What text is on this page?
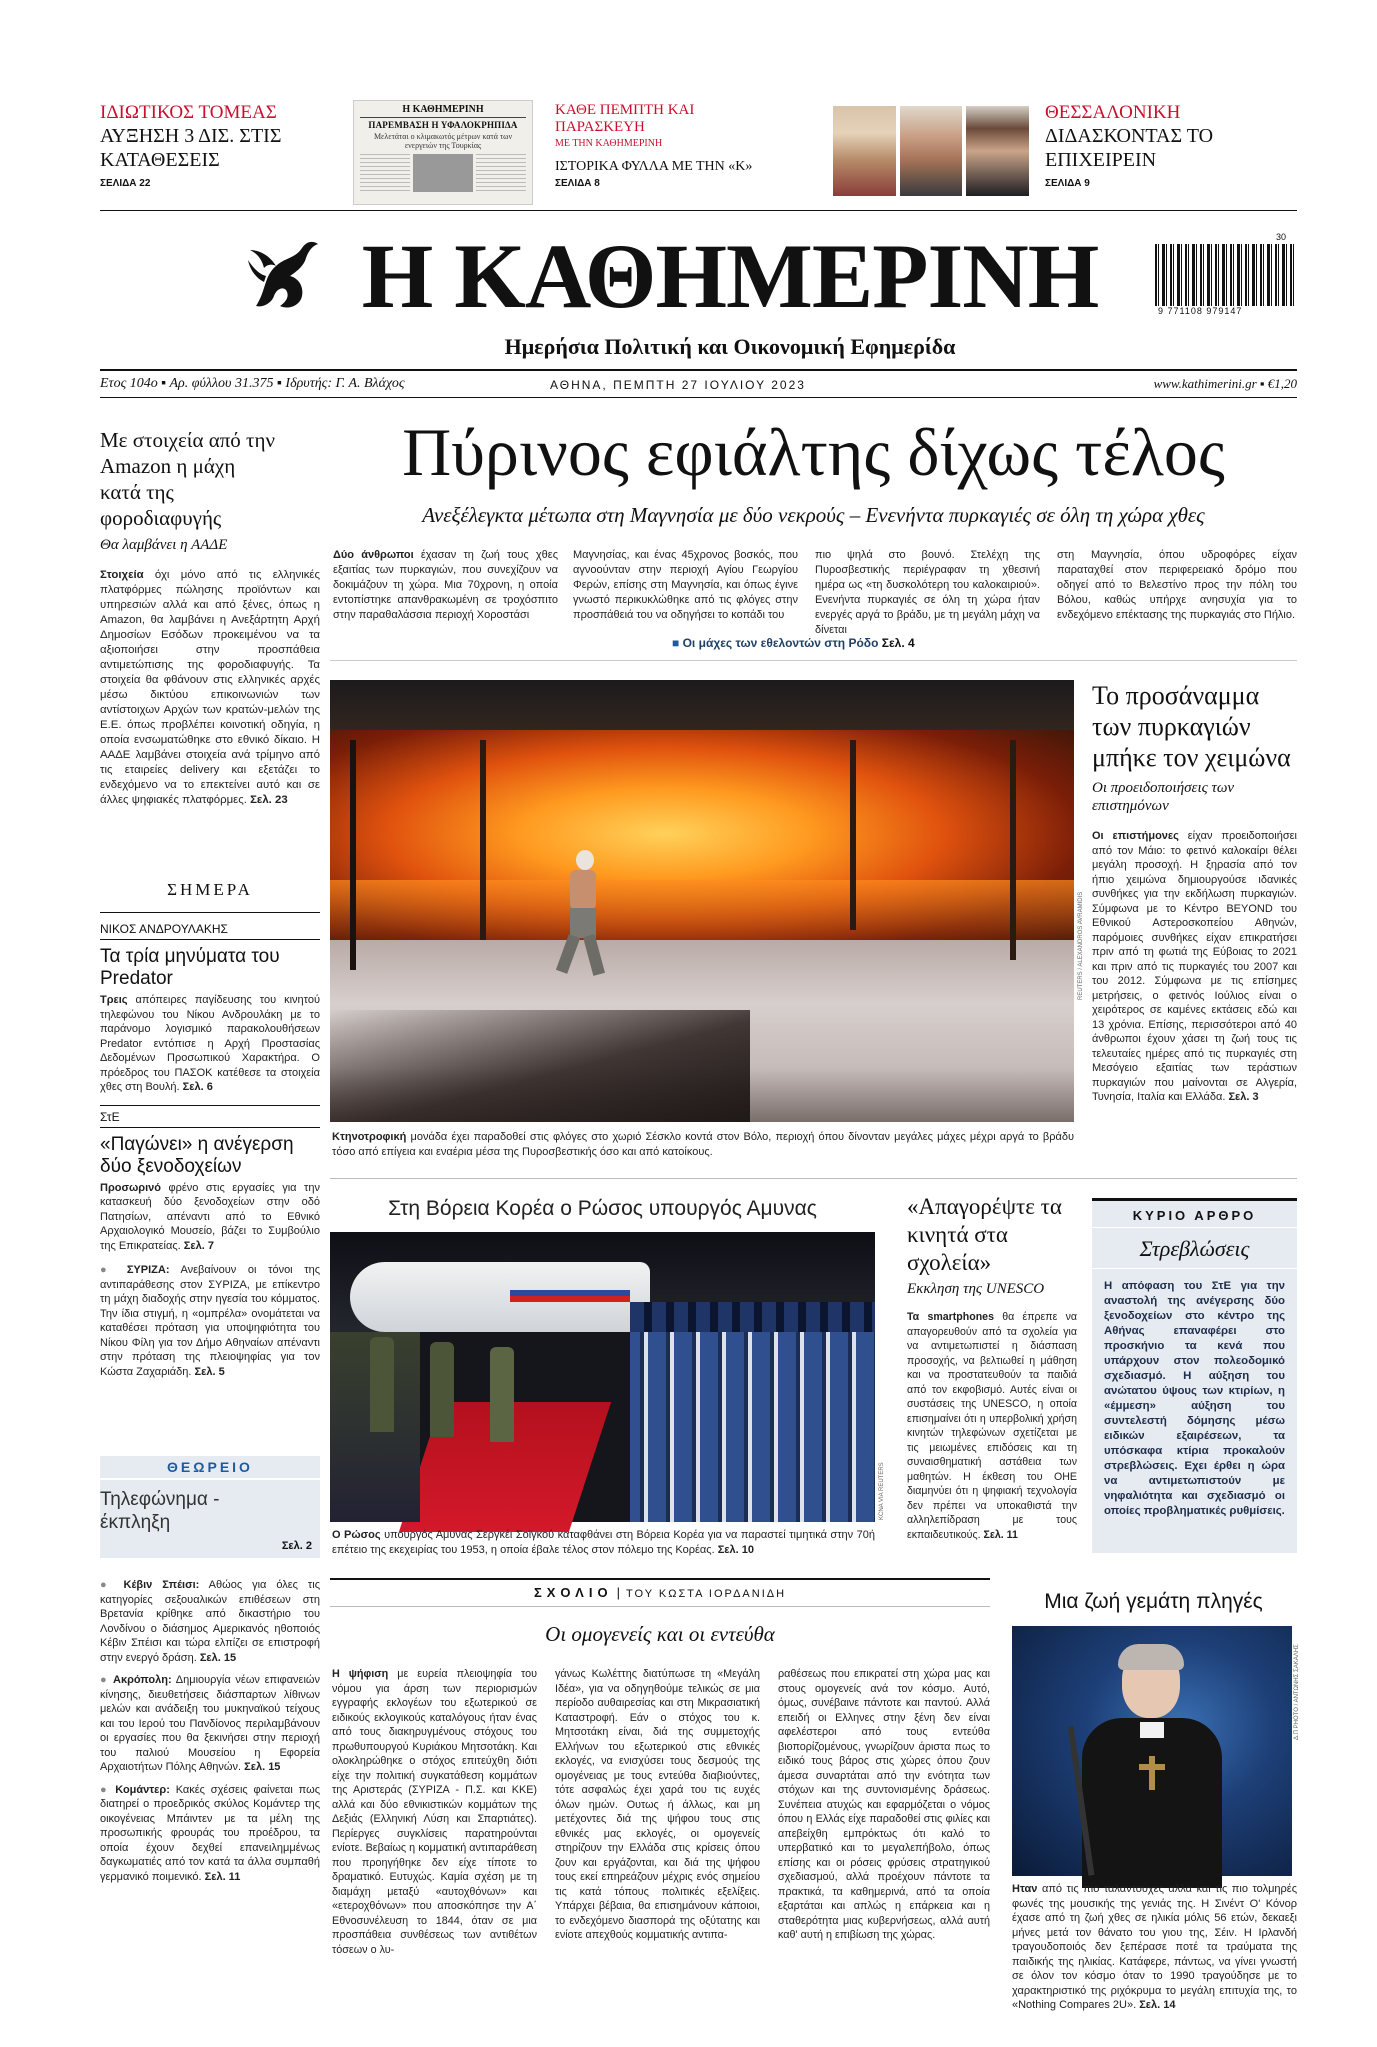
ΙΔΙΩΤΙΚΟΣ ΤΟΜΕΑΣ
ΑΥΞΗΣΗ 3 ΔΙΣ. ΣΤΙΣ ΚΑΤΑΘΕΣΕΙΣ
ΣΕΛΙΔΑ 22
Η ΚΑΘΗΜΕΡΙΝΗ
ΠΑΡΕΜΒΑΣΗ Η ΥΦΑΛΟΚΡΗΠΙΔΑ
Μελετάται ο κλιμακωτός μέτρων κατά των ενεργειών της Τουρκίας
ΚΑΘΕ ΠΕΜΠΤΗ ΚΑΙ ΠΑΡΑΣΚΕΥΗ
ΜΕ ΤΗΝ ΚΑΘΗΜΕΡΙΝΗ
ΙΣΤΟΡΙΚΑ ΦΥΛΛΑ ΜΕ ΤΗΝ «Κ»
ΣΕΛΙΔΑ 8
ΘΕΣΣΑΛΟΝΙΚΗ
ΔΙΔΑΣΚΟΝΤΑΣ ΤΟ ΕΠΙΧΕΙΡΕΙΝ
ΣΕΛΙΔΑ 9
Η ΚΑΘΗΜΕΡΙΝΗ
Ημερήσια Πολιτική και Οικονομική Εφημερίδα
30
9 771108 979147
Ετος 104ο ▪ Αρ. φύλλου 31.375 ▪ Ιδρυτής: Γ. Α. Βλάχος	ΑΘΗΝΑ, ΠΕΜΠΤΗ 27 ΙΟΥΛΙΟΥ 2023	www.kathimerini.gr ▪ €1,20
Με στοιχεία από την Amazon η μάχη κατά της φοροδιαφυγής
Θα λαμβάνει η ΑΑΔΕ
Στοιχεία όχι μόνο από τις ελληνικές πλατφόρμες πώλησης προϊόντων και υπηρεσιών αλλά και από ξένες, όπως η Amazon, θα λαμβάνει η Ανεξάρτητη Αρχή Δημοσίων Εσόδων προκειμένου να τα αξιοποιήσει στην προσπάθεια αντιμετώπισης της φοροδιαφυγής. Τα στοιχεία θα φθάνουν στις ελληνικές αρχές μέσω δικτύου επικοινωνιών των αντίστοιχων Αρχών των κρατών-μελών της Ε.Ε. όπως προβλέπει κοινοτική οδηγία, η οποία ενσωματώθηκε στο εθνικό δίκαιο. Η ΑΑΔΕ λαμβάνει στοιχεία ανά τρίμηνο από τις εταιρείες delivery και εξετάζει το ενδεχόμενο να το επεκτείνει αυτό και σε άλλες ψηφιακές πλατφόρμες. Σελ. 23
ΣΗΜΕΡΑ
ΝΙΚΟΣ ΑΝΔΡΟΥΛΑΚΗΣ
Τα τρία μηνύματα του Predator
Τρεις απόπειρες παγίδευσης του κινητού τηλεφώνου του Νίκου Ανδρουλάκη με το παράνομο λογισμικό παρακολουθήσεων Predator εντόπισε η Αρχή Προστασίας Δεδομένων Προσωπικού Χαρακτήρα. Ο πρόεδρος του ΠΑΣΟΚ κατέθεσε τα στοιχεία χθες στη Βουλή. Σελ. 6
ΣτΕ
«Παγώνει» η ανέγερση δύο ξενοδοχείων
Προσωρινό φρένο στις εργασίες για την κατασκευή δύο ξενοδοχείων στην οδό Πατησίων, απέναντι από το Εθνικό Αρχαιολογικό Μουσείο, βάζει το Συμβούλιο της Επικρατείας. Σελ. 7
● ΣΥΡΙΖΑ: Ανεβαίνουν οι τόνοι της αντιπαράθεσης στον ΣΥΡΙΖΑ, με επίκεντρο τη μάχη διαδοχής στην ηγεσία του κόμματος. Την ίδια στιγμή, η «ομπρέλα» ονομάτεται να καταθέσει πρόταση για υποψηφιότητα του Νίκου Φίλη για τον Δήμο Αθηναίων απέναντι στην πρόταση της πλειοψηφίας για τον Κώστα Ζαχαριάδη. Σελ. 5
ΘΕΩΡΕΙΟ
Τηλεφώνημα - έκπληξη
Σελ. 2
● Κέβιν Σπέισι: Αθώος για όλες τις κατηγορίες σεξουαλικών επιθέσεων στη Βρετανία κρίθηκε από δικαστήριο του Λονδίνου ο διάσημος Αμερικανός ηθοποιός Κέβιν Σπέισι και τώρα ελπίζει σε επιστροφή στην ενεργό δράση. Σελ. 15
● Ακρόπολη: Δημιουργία νέων επιφανειών κίνησης, διευθετήσεις διάσπαρτων λίθινων μελών και ανάδειξη του μυκηναϊκού τείχους και του Ιερού του Πανδίονος περιλαμβάνουν οι εργασίες που θα ξεκινήσει στην περιοχή του παλιού Μουσείου η Εφορεία Αρχαιοτήτων Πόλης Αθηνών. Σελ. 15
● Κομάντερ: Κακές σχέσεις φαίνεται πως διατηρεί ο προεδρικός σκύλος Κομάντερ της οικογένειας Μπάιντεν με τα μέλη της προσωπικής φρουράς του προέδρου, τα οποία έχουν δεχθεί επανειλημμένως δαγκωματιές από τον κατά τα άλλα συμπαθή γερμανικό ποιμενικό. Σελ. 11
Πύρινος εφιάλτης δίχως τέλος
Ανεξέλεγκτα μέτωπα στη Μαγνησία με δύο νεκρούς – Ενενήντα πυρκαγιές σε όλη τη χώρα χθες
Δύο άνθρωποι έχασαν τη ζωή τους χθες εξαιτίας των πυρκαγιών, που συνεχίζουν να δοκιμάζουν τη χώρα. Μια 70χρονη, η οποία εντοπίστηκε απανθρακωμένη σε τροχόσπιτο στην παραθαλάσσια περιοχή Χοροστάσι
Μαγνησίας, και ένας 45χρονος βοσκός, που αγνοούνταν στην περιοχή Αγίου Γεωργίου Φερών, επίσης στη Μαγνησία, και όπως έγινε γνωστό περικυκλώθηκε από τις φλόγες στην προσπάθειά του να οδηγήσει το κοπάδι του
πιο ψηλά στο βουνό. Στελέχη της Πυροσβεστικής περιέγραφαν τη χθεσινή ημέρα ως «τη δυσκολότερη του καλοκαιριού». Ενενήντα πυρκαγιές σε όλη τη χώρα ήταν ενεργές αργά το βράδυ, με τη μεγάλη μάχη να δίνεται
στη Μαγνησία, όπου υδροφόρες είχαν παραταχθεί στον περιφερειακό δρόμο που οδηγεί από το Βελεστίνο προς την πόλη του Βόλου, καθώς υπήρχε ανησυχία για το ενδεχόμενο επέκτασης της πυρκαγιάς στο Πήλιο.
■ Οι μάχες των εθελοντών στη Ρόδο Σελ. 4
REUTERS / ALEXANDROS AVRAMIDIS
Κτηνοτροφική μονάδα έχει παραδοθεί στις φλόγες στο χωριό Σέσκλο κοντά στον Βόλο, περιοχή όπου δίνονταν μεγάλες μάχες μέχρι αργά το βράδυ τόσο από επίγεια και εναέρια μέσα της Πυροσβεστικής όσο και από κατοίκους.
Το προσάναμμα των πυρκαγιών μπήκε τον χειμώνα
Οι προειδοποιήσεις των επιστημόνων
Οι επιστήμονες είχαν προειδοποιήσει από τον Μάιο: το φετινό καλοκαίρι θέλει μεγάλη προσοχή. Η ξηρασία από τον ήπιο χειμώνα δημιουργούσε ιδανικές συνθήκες για την εκδήλωση πυρκαγιών. Σύμφωνα με το Κέντρο BEYOND του Εθνικού Αστεροσκοπείου Αθηνών, παρόμοιες συνθήκες είχαν επικρατήσει πριν από τη φωτιά της Εύβοιας το 2021 και πριν από τις πυρκαγιές του 2007 και του 2012. Σύμφωνα με τις επίσημες μετρήσεις, ο φετινός Ιούλιος είναι ο χειρότερος σε καμένες εκτάσεις εδώ και 13 χρόνια. Επίσης, περισσότεροι από 40 άνθρωποι έχουν χάσει τη ζωή τους τις τελευταίες ημέρες από τις πυρκαγιές στη Μεσόγειο εξαιτίας των τεράστιων πυρκαγιών που μαίνονται σε Αλγερία, Τυνησία, Ιταλία και Ελλάδα. Σελ. 3
Στη Βόρεια Κορέα ο Ρώσος υπουργός Αμυνας
KCNA VIA REUTERS
Ο Ρώσος υπουργός Αμυνας Σεργκέι Σοϊγκού καταφθάνει στη Βόρεια Κορέα για να παραστεί τιμητικά στην 70ή επέτειο της εκεχειρίας του 1953, η οποία έβαλε τέλος στον πόλεμο της Κορέας. Σελ. 10
«Απαγορέψτε τα κινητά στα σχολεία»
Εκκληση της UNESCO
Τα smartphones θα έπρεπε να απαγορευθούν από τα σχολεία για να αντιμετωπιστεί η διάσπαση προσοχής, να βελτιωθεί η μάθηση και να προστατευθούν τα παιδιά από τον εκφοβισμό. Αυτές είναι οι συστάσεις της UNESCO, η οποία επισημαίνει ότι η υπερβολική χρήση κινητών τηλεφώνων σχετίζεται με τις μειωμένες επιδόσεις και τη συναισθηματική αστάθεια των μαθητών. Η έκθεση του ΟΗΕ διαμηνύει ότι η ψηφιακή τεχνολογία δεν πρέπει να υποκαθιστά την αλληλεπίδραση με τους εκπαιδευτικούς. Σελ. 11
ΚΥΡΙΟ ΑΡΘΡΟ
Στρεβλώσεις
Η απόφαση του ΣτΕ για την αναστολή της ανέγερσης δύο ξενοδοχείων στο κέντρο της Αθήνας επαναφέρει στο προσκήνιο τα κενά που υπάρχουν στον πολεοδομικό σχεδιασμό. Η αύξηση του ανώτατου ύψους των κτιρίων, η «έμμεση» αύξηση του συντελεστή δόμησης μέσω ειδικών εξαιρέσεων, τα υπόσκαφα κτίρια προκαλούν στρεβλώσεις. Εχει έρθει η ώρα να αντιμετωπιστούν με νηφαλιότητα και σχεδιασμό οι οποίες προβληματικές ρυθμίσεις.
ΣΧΟΛΙΟ | ΤΟΥ ΚΩΣΤΑ ΙΟΡΔΑΝΙΔΗ
Οι ομογενείς και οι εντεύθα
Η ψήφιση με ευρεία πλειοψηφία του νόμου για άρση των περιορισμών εγγραφής εκλογέων του εξωτερικού σε ειδικούς εκλογικούς καταλόγους ήταν ένας από τους διακηρυγμένους στόχους του πρωθυπουργού Κυριάκου Μητσοτάκη. Και ολοκληρώθηκε ο στόχος επιτεύχθη διότι είχε την πολιτική συγκατάθεση κομμάτων της Αριστεράς (ΣΥΡΙΖΑ - Π.Σ. και ΚΚΕ) αλλά και δύο εθνικιστικών κομμάτων της Δεξιάς (Ελληνική Λύση και Σπαρτιάτες). Περίεργες συγκλίσεις παρατηρούνται ενίοτε. Βεβαίως η κομματική αντιπαράθεση που προηγήθηκε δεν είχε τίποτε το δραματικό. Ευτυχώς. Καμία σχέση με τη διαμάχη μεταξύ «αυτοχθόνων» και «ετεροχθόνων» που αποσκόπησε την Α΄ Εθνοσυνέλευση το 1844, όταν σε μια προσπάθεια συνθέσεως των αντιθέτων τόσεων ο λυ-
γάνως Κωλέττης διατύπωσε τη «Μεγάλη Ιδέα», για να οδηγηθούμε τελικώς σε μια περίοδο αυθαιρεσίας και στη Μικρασιατική Καταστροφή. Εάν ο στόχος του κ. Μητσοτάκη είναι, διά της συμμετοχής Ελλήνων του εξωτερικού στις εθνικές εκλογές, να ενισχύσει τους δεσμούς της ομογένειας με τους εντεύθα διαβιούντες, τότε ασφαλώς έχει χαρά του τις ευχές όλων ημών. Ουτως ή άλλως, και μη μετέχοντες διά της ψήφου τους στις εθνικές μας εκλογές, οι ομογενείς στηρίζουν την Ελλάδα στις κρίσεις όπου ζουν και εργάζονται, και διά της ψήφου τους εκεί επηρεάζουν μέχρις ενός σημείου τις κατά τόπους πολιτικές εξελίξεις. Υπάρχει βέβαια, θα επισημάνουν κάποιοι, το ενδεχόμενο διασπορά της οξύτατης και ενίοτε απεχθούς κομματικής αντιπα-
ραθέσεως που επικρατεί στη χώρα μας και στους ομογενείς ανά τον κόσμο. Αυτό, όμως, συνέβαινε πάντοτε και παντού. Αλλά επειδή οι Ελληνες στην ξένη δεν είναι αφελέστεροι από τους εντεύθα βιοπορίζομένους, γνωρίζουν άριστα πως το ειδικό τους βάρος στις χώρες όπου ζουν άμεσα συναρτάται από την ενότητα των στόχων και της συντονισμένης δράσεως. Συνέπεια ατυχώς και εφαρμόζεται ο νόμος όπου η Ελλάς είχε παραδοθεί στις φιλίες και απεβείχθη εμπρόκτως ότι καλό το υπερβατικό και το μεγαλεπήβολο, όπως επίσης και οι ρόσεις φρύσεις στρατηγικού σχεδιασμού, αλλά προέχουν πάντοτε τα πρακτικά, τα καθημερινά, από τα οποία εξαρτάται και απλώς η επάρκεια και η σταθερότητα μιας κυβερνήσεως, αλλά αυτή καθ' αυτή η επιβίωση της χώρας.
Μια ζωή γεμάτη πληγές
Δ.Π ΡΗΟΤΟ / ΑΝΤΩΝΗΣ ΣΑΚΑΛΗΣ
Ηταν από τις πιο ταλαντούχες αλλά και τις πιο τολμηρές φωνές της μουσικής της γενιάς της. Η Σινέντ Ο' Κόνορ έχασε από τη ζωή χθες σε ηλικία μόλις 56 ετών, δεκαεξι μήνες μετά τον θάνατο του γιου της, Σέιν. Η Ιρλανδή τραγουδοποιός δεν ξεπέρασε ποτέ τα τραύματα της παιδικής της ηλικίας. Κατάφερε, πάντως, να γίνει γνωστή σε όλον τον κόσμο όταν το 1990 τραγούδησε με το χαρακτηριστικό της ριχόκρυμα το μεγάλη επιτυχία της, το «Nothing Compares 2U». Σελ. 14
